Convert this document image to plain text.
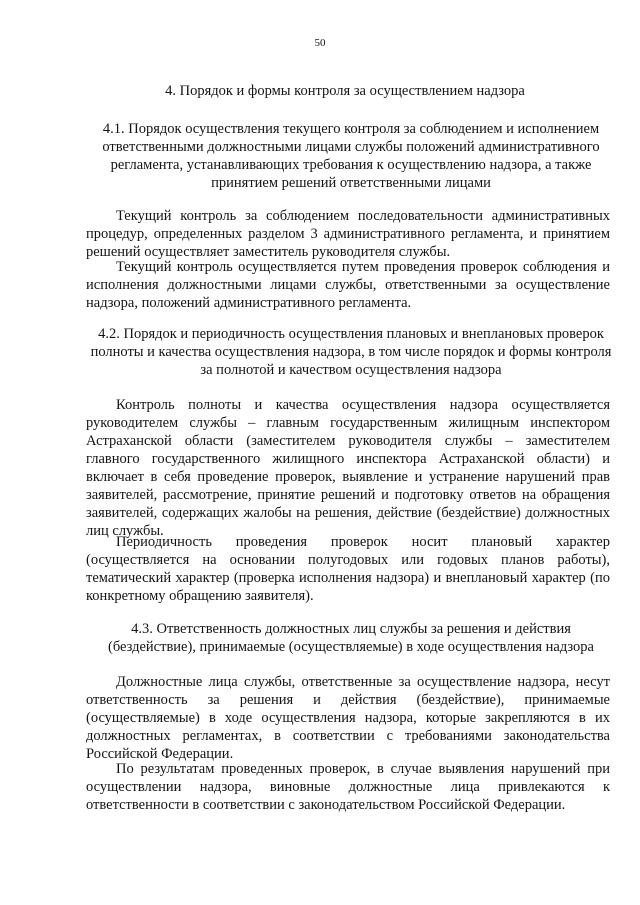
50
4. Порядок и формы контроля за осуществлением надзора
4.1. Порядок осуществления текущего контроля за соблюдением и исполнением ответственными должностными лицами службы положений административного регламента, устанавливающих требования к осуществлению надзора, а также принятием решений ответственными лицами

Текущий контроль за соблюдением последовательности административных процедур, определенных разделом 3 административного регламента, и принятием решений осуществляет заместитель руководителя службы.

Текущий контроль осуществляется путем проведения проверок соблюдения и исполнения должностными лицами службы, ответственными за осуществление надзора, положений административного регламента.

4.2. Порядок и периодичность осуществления плановых и внеплановых проверок полноты и качества осуществления надзора, в том числе порядок и формы контроля за полнотой и качеством осуществления надзора

Контроль полноты и качества осуществления надзора осуществляется руководителем службы – главным государственным жилищным инспектором Астраханской области (заместителем руководителя службы – заместителем главного государственного жилищного инспектора Астраханской области) и включает в себя проведение проверок, выявление и устранение нарушений прав заявителей, рассмотрение, принятие решений и подготовку ответов на обращения заявителей, содержащих жалобы на решения, действие (бездействие) должностных лиц службы.

Периодичность проведения проверок носит плановый характер (осуществляется на основании полугодовых или годовых планов работы), тематический характер (проверка исполнения надзора) и внеплановый характер (по конкретному обращению заявителя).

4.3. Ответственность должностных лиц службы за решения и действия (бездействие), принимаемые (осуществляемые) в ходе осуществления надзора

Должностные лица службы, ответственные за осуществление надзора, несут ответственность за решения и действия (бездействие), принимаемые (осуществляемые) в ходе осуществления надзора, которые закрепляются в их должностных регламентах, в соответствии с требованиями законодательства Российской Федерации.

По результатам проведенных проверок, в случае выявления нарушений при осуществлении надзора, виновные должностные лица привлекаются к ответственности в соответствии с законодательством Российской Федерации.
